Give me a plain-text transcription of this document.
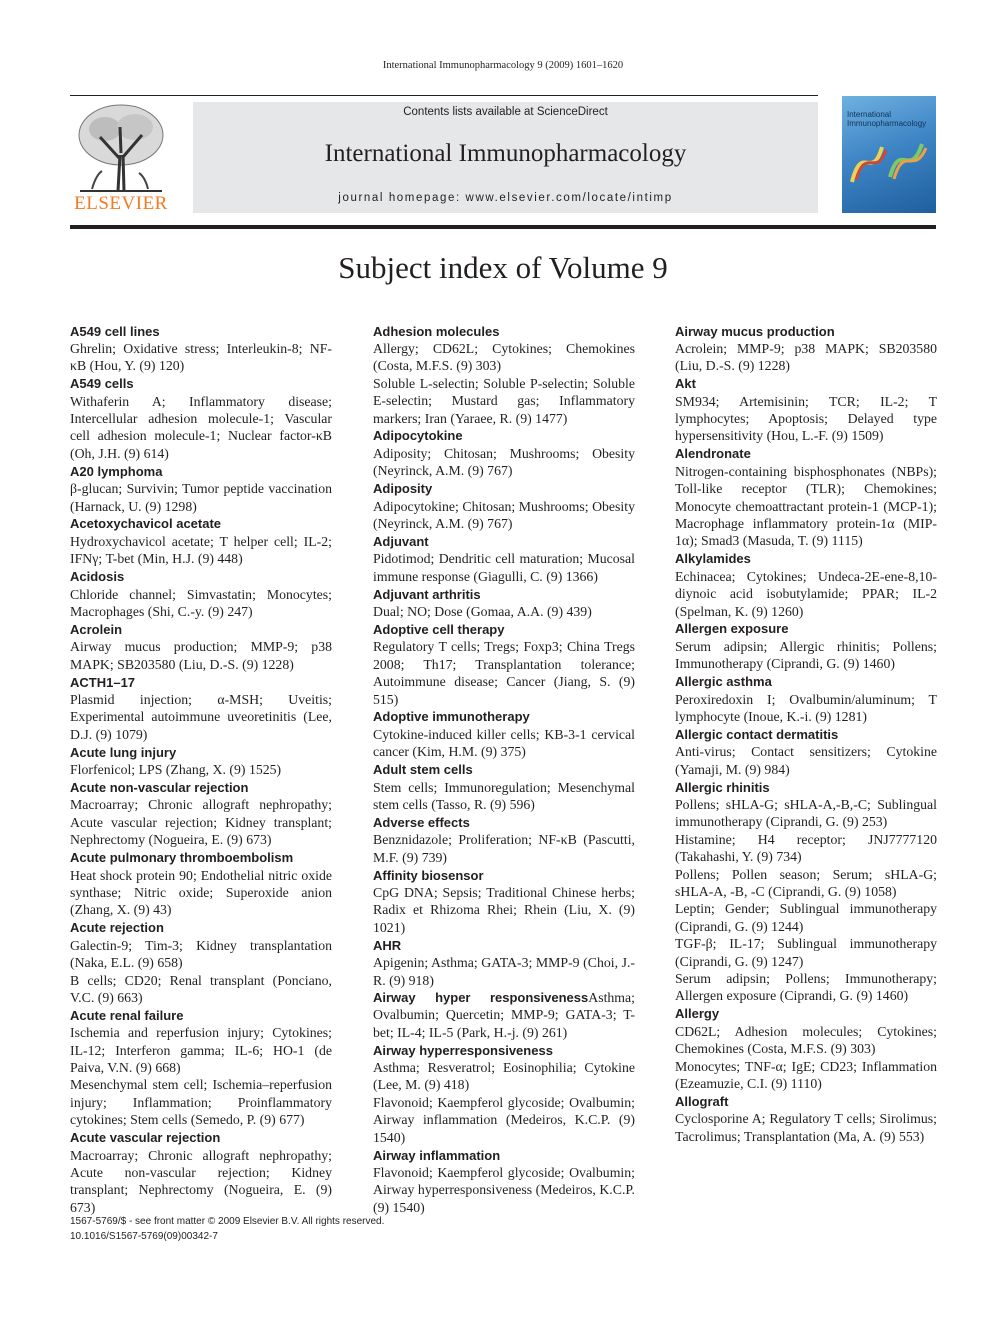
International Immunopharmacology 9 (2009) 1601–1620
ELSEVIER
Contents lists available at ScienceDirect
International Immunopharmacology
journal homepage: www.elsevier.com/locate/intimp
International
Immunopharmacology
Subject index of Volume 9
A549 cell lines
Ghrelin; Oxidative stress; Interleukin-8; NF-κB (Hou, Y. (9) 120)
A549 cells
Withaferin A; Inflammatory disease; Intercellular adhesion molecule-1; Vascular cell adhesion molecule-1; Nuclear factor-κB (Oh, J.H. (9) 614)
A20 lymphoma
β-glucan; Survivin; Tumor peptide vaccination (Harnack, U. (9) 1298)
Acetoxychavicol acetate
Hydroxychavicol acetate; T helper cell; IL-2; IFNγ; T-bet (Min, H.J. (9) 448)
Acidosis
Chloride channel; Simvastatin; Monocytes; Macrophages (Shi, C.-y. (9) 247)
Acrolein
Airway mucus production; MMP-9; p38 MAPK; SB203580 (Liu, D.-S. (9) 1228)
ACTH1–17
Plasmid injection; α-MSH; Uveitis; Experimental autoimmune uveoretinitis (Lee, D.J. (9) 1079)
Acute lung injury
Florfenicol; LPS (Zhang, X. (9) 1525)
Acute non-vascular rejection
Macroarray; Chronic allograft nephropathy; Acute vascular rejection; Kidney transplant; Nephrectomy (Nogueira, E. (9) 673)
Acute pulmonary thromboembolism
Heat shock protein 90; Endothelial nitric oxide synthase; Nitric oxide; Superoxide anion (Zhang, X. (9) 43)
Acute rejection
Galectin-9; Tim-3; Kidney transplantation (Naka, E.L. (9) 658)
B cells; CD20; Renal transplant (Ponciano, V.C. (9) 663)
Acute renal failure
Ischemia and reperfusion injury; Cytokines; IL-12; Interferon gamma; IL-6; HO-1 (de Paiva, V.N. (9) 668)
Mesenchymal stem cell; Ischemia–reperfusion injury; Inflammation; Proinflammatory cytokines; Stem cells (Semedo, P. (9) 677)
Acute vascular rejection
Macroarray; Chronic allograft nephropathy; Acute non-vascular rejection; Kidney transplant; Nephrectomy (Nogueira, E. (9) 673)
Adhesion molecules
Allergy; CD62L; Cytokines; Chemokines (Costa, M.F.S. (9) 303)
Soluble L-selectin; Soluble P-selectin; Soluble E-selectin; Mustard gas; Inflammatory markers; Iran (Yaraee, R. (9) 1477)
Adipocytokine
Adiposity; Chitosan; Mushrooms; Obesity (Neyrinck, A.M. (9) 767)
Adiposity
Adipocytokine; Chitosan; Mushrooms; Obesity (Neyrinck, A.M. (9) 767)
Adjuvant
Pidotimod; Dendritic cell maturation; Mucosal immune response (Giagulli, C. (9) 1366)
Adjuvant arthritis
Dual; NO; Dose (Gomaa, A.A. (9) 439)
Adoptive cell therapy
Regulatory T cells; Tregs; Foxp3; China Tregs 2008; Th17; Transplantation tolerance; Autoimmune disease; Cancer (Jiang, S. (9) 515)
Adoptive immunotherapy
Cytokine-induced killer cells; KB-3-1 cervical cancer (Kim, H.M. (9) 375)
Adult stem cells
Stem cells; Immunoregulation; Mesenchymal stem cells (Tasso, R. (9) 596)
Adverse effects
Benznidazole; Proliferation; NF-κB (Pascutti, M.F. (9) 739)
Affinity biosensor
CpG DNA; Sepsis; Traditional Chinese herbs; Radix et Rhizoma Rhei; Rhein (Liu, X. (9) 1021)
AHR
Apigenin; Asthma; GATA-3; MMP-9 (Choi, J.-R. (9) 918)
Airway hyper responsivenessAsthma; Ovalbumin; Quercetin; MMP-9; GATA-3; T-bet; IL-4; IL-5 (Park, H.-j. (9) 261)
Airway hyperresponsiveness
Asthma; Resveratrol; Eosinophilia; Cytokine (Lee, M. (9) 418)
Flavonoid; Kaempferol glycoside; Ovalbumin; Airway inflammation (Medeiros, K.C.P. (9) 1540)
Airway inflammation
Flavonoid; Kaempferol glycoside; Ovalbumin; Airway hyperresponsiveness (Medeiros, K.C.P. (9) 1540)
Airway mucus production
Acrolein; MMP-9; p38 MAPK; SB203580 (Liu, D.-S. (9) 1228)
Akt
SM934; Artemisinin; TCR; IL-2; T lymphocytes; Apoptosis; Delayed type hypersensitivity (Hou, L.-F. (9) 1509)
Alendronate
Nitrogen-containing bisphosphonates (NBPs); Toll-like receptor (TLR); Chemokines; Monocyte chemoattractant protein-1 (MCP-1); Macrophage inflammatory protein-1α (MIP-1α); Smad3 (Masuda, T. (9) 1115)
Alkylamides
Echinacea; Cytokines; Undeca-2E-ene-8,10-diynoic acid isobutylamide; PPAR; IL-2 (Spelman, K. (9) 1260)
Allergen exposure
Serum adipsin; Allergic rhinitis; Pollens; Immunotherapy (Ciprandi, G. (9) 1460)
Allergic asthma
Peroxiredoxin I; Ovalbumin/aluminum; T lymphocyte (Inoue, K.-i. (9) 1281)
Allergic contact dermatitis
Anti-virus; Contact sensitizers; Cytokine (Yamaji, M. (9) 984)
Allergic rhinitis
Pollens; sHLA-G; sHLA-A,-B,-C; Sublingual immunotherapy (Ciprandi, G. (9) 253)
Histamine; H4 receptor; JNJ7777120 (Takahashi, Y. (9) 734)
Pollens; Pollen season; Serum; sHLA-G; sHLA-A, -B, -C (Ciprandi, G. (9) 1058)
Leptin; Gender; Sublingual immunotherapy (Ciprandi, G. (9) 1244)
TGF-β; IL-17; Sublingual immunotherapy (Ciprandi, G. (9) 1247)
Serum adipsin; Pollens; Immunotherapy; Allergen exposure (Ciprandi, G. (9) 1460)
Allergy
CD62L; Adhesion molecules; Cytokines; Chemokines (Costa, M.F.S. (9) 303)
Monocytes; TNF-α; IgE; CD23; Inflammation (Ezeamuzie, C.I. (9) 1110)
Allograft
Cyclosporine A; Regulatory T cells; Sirolimus; Tacrolimus; Transplantation (Ma, A. (9) 553)
1567-5769/$ - see front matter © 2009 Elsevier B.V. All rights reserved.
10.1016/S1567-5769(09)00342-7
